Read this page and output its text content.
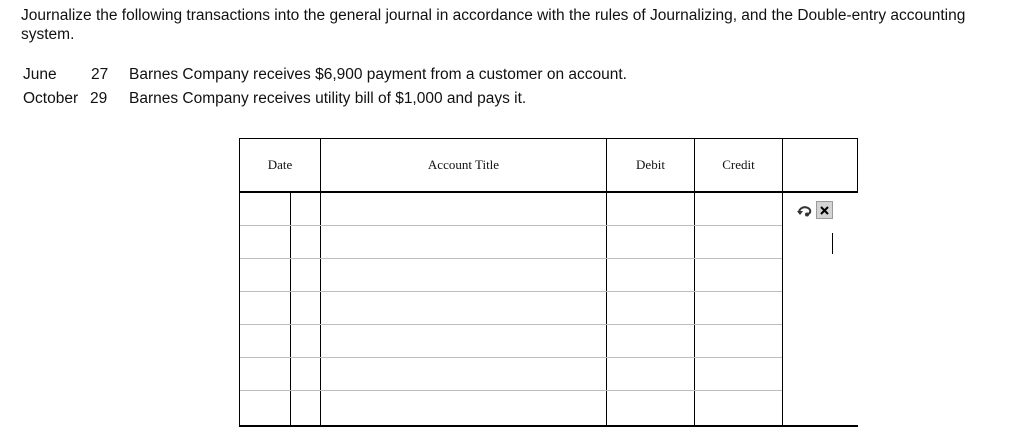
Journalize the following transactions into the general journal in accordance with the rules of Journalizing, and the Double-entry accounting system.

June 27 Barnes Company receives $6,900 payment from a customer on account.
October 29 Barnes Company receives utility bill of $1,000 and pays it.
Date	Account Title	Debit	Credit
